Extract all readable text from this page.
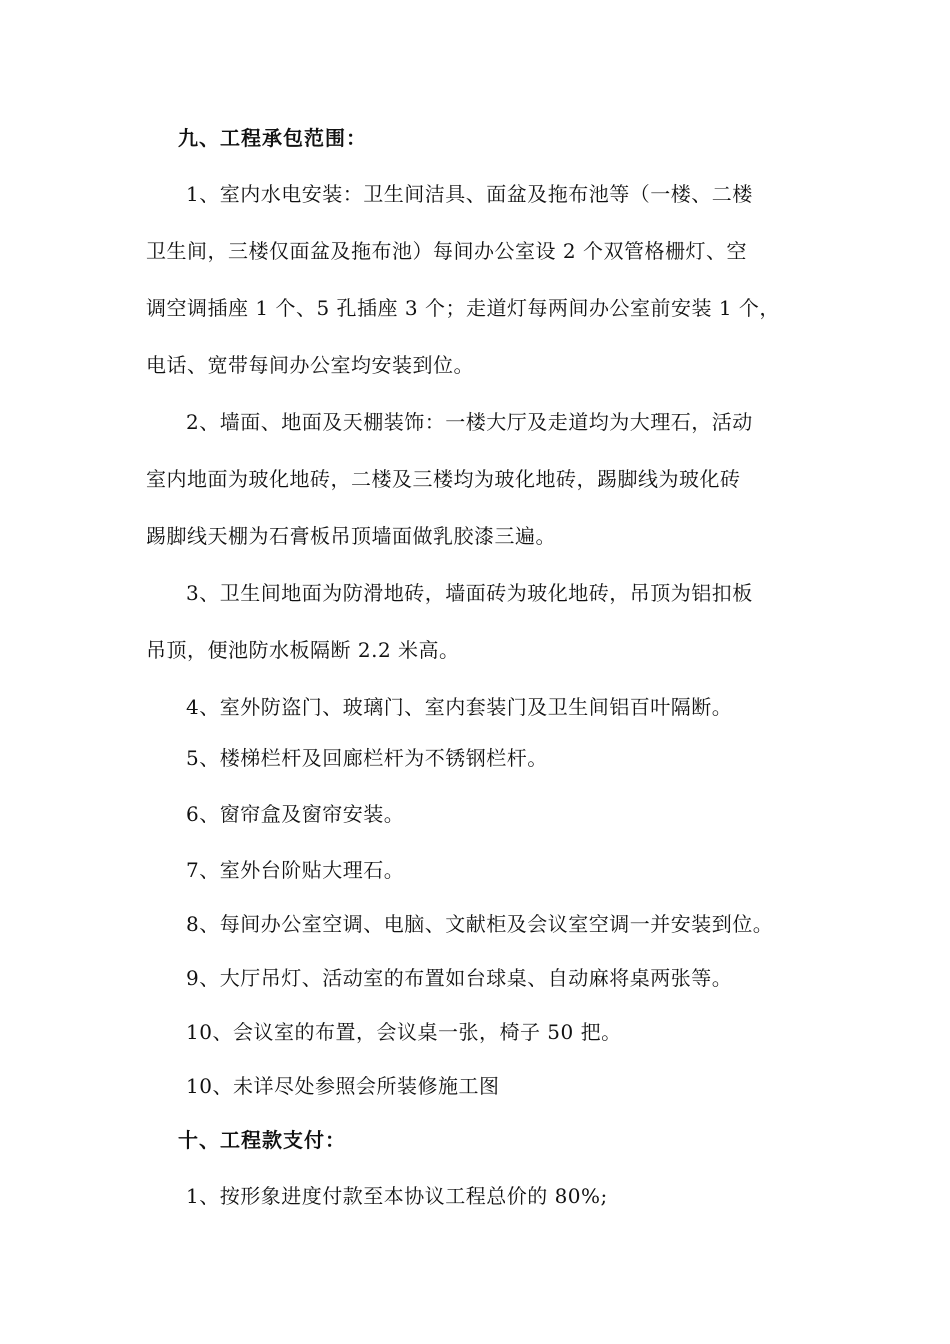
九、工程承包范围：
1、室内水电安装：卫生间洁具、面盆及拖布池等（一楼、二楼
卫生间，三楼仅面盆及拖布池）每间办公室设 2 个双管格栅灯、空
调空调插座 1 个、5 孔插座 3 个；走道灯每两间办公室前安装 1 个，
电话、宽带每间办公室均安装到位。
2、墙面、地面及天棚装饰：一楼大厅及走道均为大理石，活动
室内地面为玻化地砖，二楼及三楼均为玻化地砖，踢脚线为玻化砖
踢脚线天棚为石膏板吊顶墙面做乳胶漆三遍。
3、卫生间地面为防滑地砖，墙面砖为玻化地砖，吊顶为铝扣板
吊顶，便池防水板隔断 2.2 米高。
4、室外防盗门、玻璃门、室内套装门及卫生间铝百叶隔断。
5、楼梯栏杆及回廊栏杆为不锈钢栏杆。
6、窗帘盒及窗帘安装。
7、室外台阶贴大理石。
8、每间办公室空调、电脑、文献柜及会议室空调一并安装到位。
9、大厅吊灯、活动室的布置如台球桌、自动麻将桌两张等。
10、会议室的布置，会议桌一张，椅子 50 把。
10、未详尽处参照会所装修施工图
十、工程款支付：
1、按形象进度付款至本协议工程总价的 80%;
